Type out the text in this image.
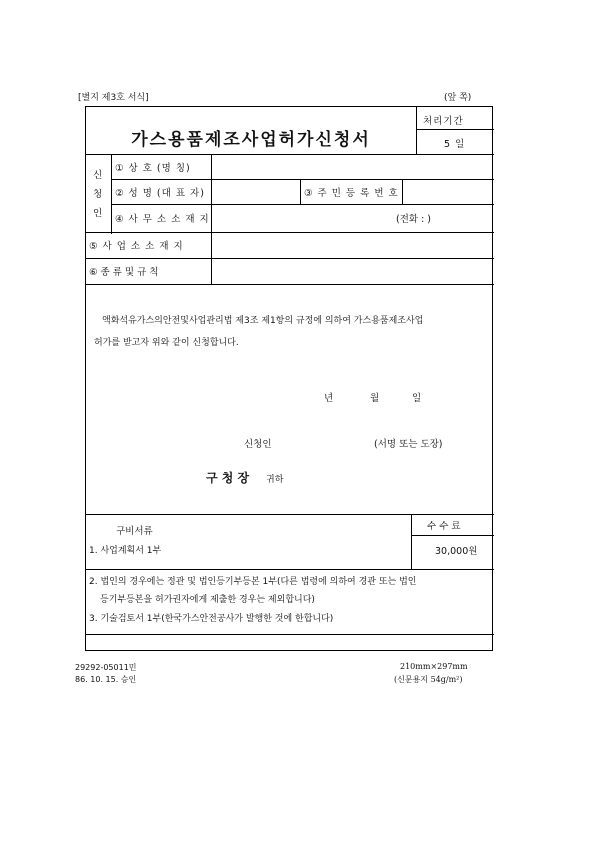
[별지 제3호 서식]	(앞 쪽)
가스용품제조사업허가신청서
처리기간
5 일
신
청
인
① 상 호 (명 칭)
② 성 명 (대 표 자)	③ 주 민 등 록 번 호
④ 사 무 소 소 재 지	(전화 : )
⑤ 사 업 소 소 재 지
⑥ 종 류 및 규 칙
액화석유가스의안전및사업관리법 제3조 제1항의 규정에 의하여 가스용품제조사업
허가를 받고자 위와 같이 신청합니다.
년	월	일
신청인	(서명 또는 도장)
구 청 장 귀하
구비서류	수 수 료
30,000원
1. 사업계획서 1부
2. 법인의 경우에는 정관 및 법인등기부등본 1부(다른 법령에 의하여 경관 또는 법인
등기부등본을 허가권자에게 제출한 경우는 제외합니다)
3. 기술검토서 1부(한국가스안전공사가 발행한 것에 한합니다)
29292-05011민
86. 10. 15. 승인
210mm×297mm
(신문용지 54g/m²)
